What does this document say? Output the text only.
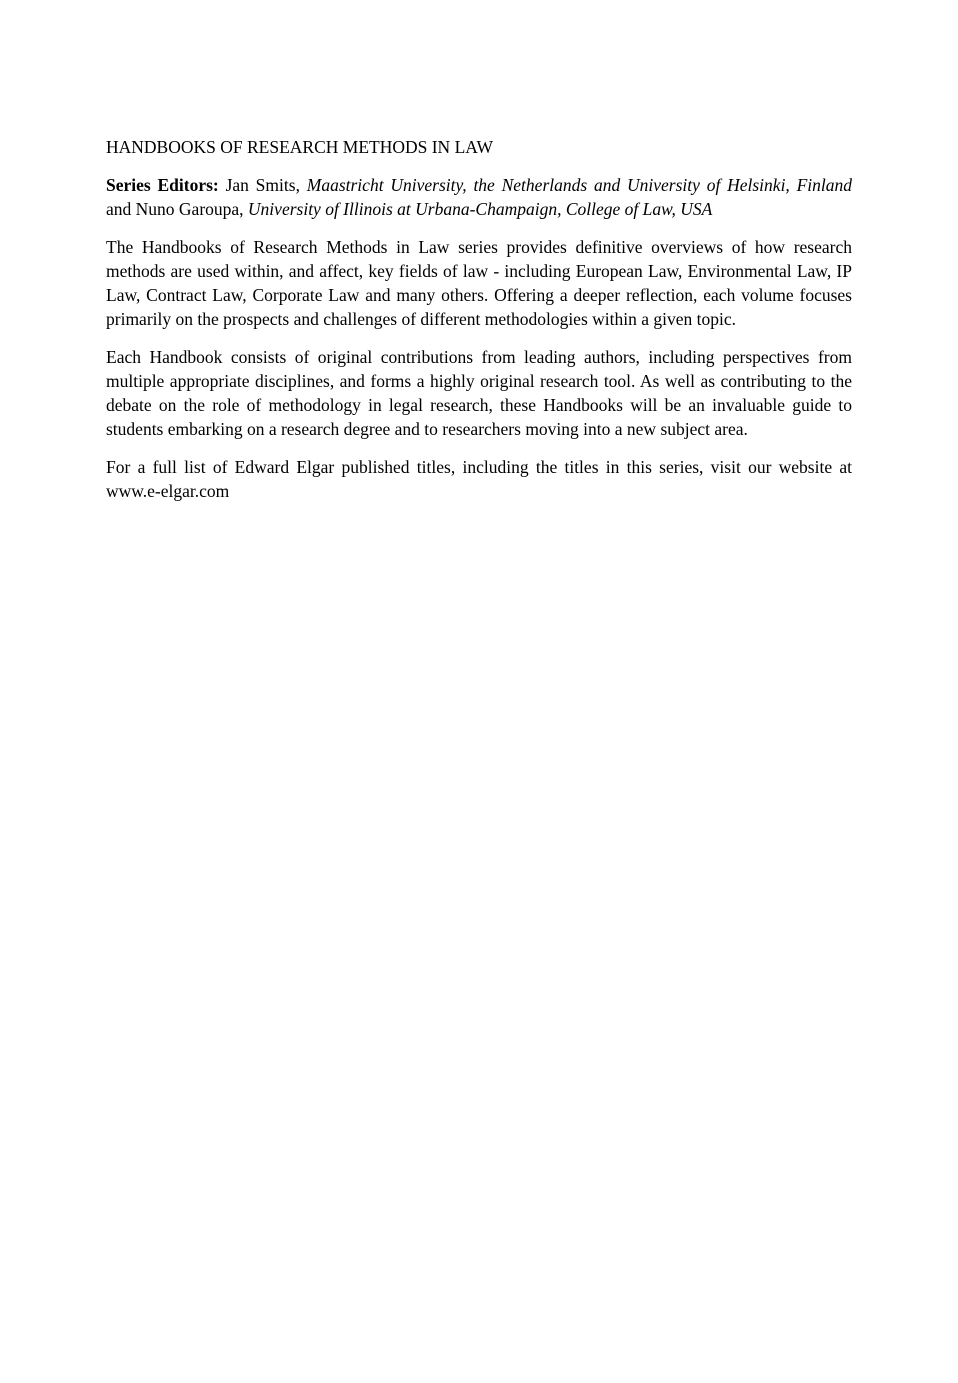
HANDBOOKS OF RESEARCH METHODS IN LAW

Series Editors: Jan Smits, Maastricht University, the Netherlands and University of Helsinki, Finland and Nuno Garoupa, University of Illinois at Urbana-Champaign, College of Law, USA

The Handbooks of Research Methods in Law series provides definitive overviews of how research methods are used within, and affect, key fields of law - including European Law, Environmental Law, IP Law, Contract Law, Corporate Law and many others. Offering a deeper reflection, each volume focuses primarily on the prospects and challenges of different methodologies within a given topic.

Each Handbook consists of original contributions from leading authors, including perspectives from multiple appropriate disciplines, and forms a highly original research tool. As well as contributing to the debate on the role of methodology in legal research, these Handbooks will be an invaluable guide to students embarking on a research degree and to researchers moving into a new subject area.

For a full list of Edward Elgar published titles, including the titles in this series, visit our website at www.e-elgar.com
